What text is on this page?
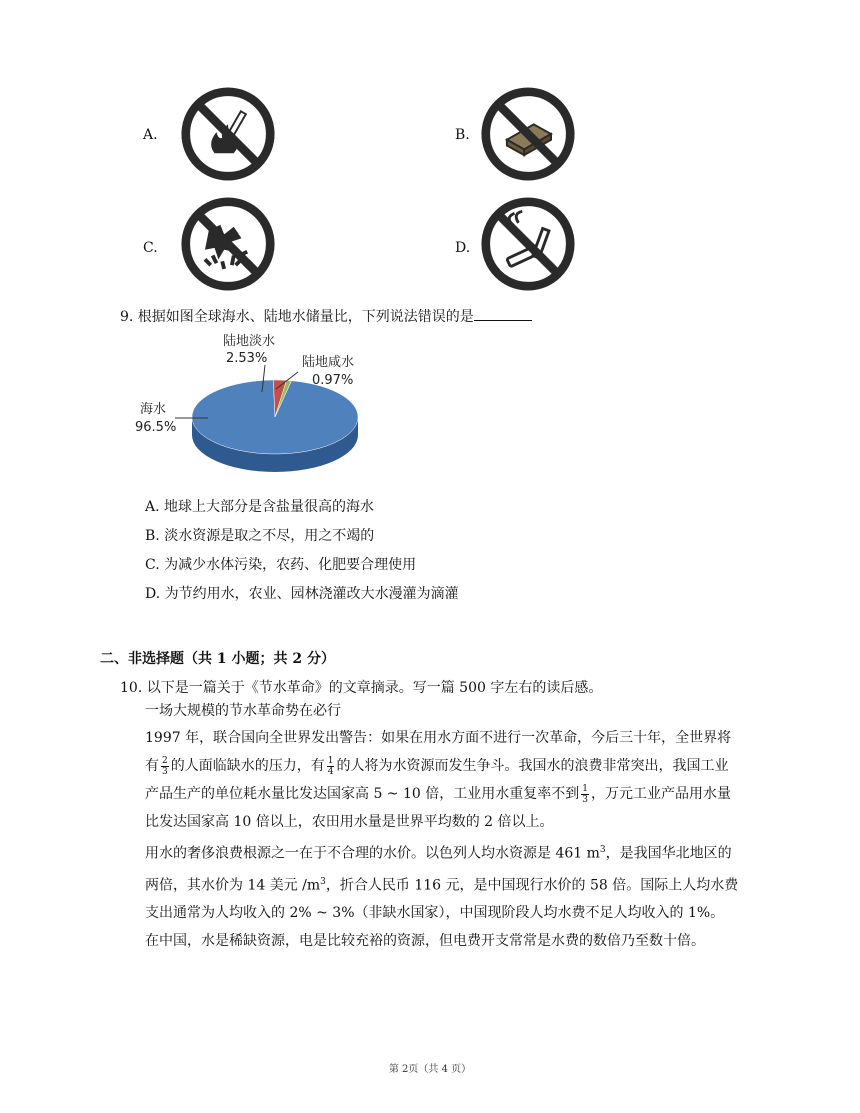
A.	B.
C.	D.
9. 根据如图全球海水、陆地水储量比，下列说法错误的是
海水
96.5%
陆地淡水
2.53%	陆地咸水
0.97%
A. 地球上大部分是含盐量很高的海水
B. 淡水资源是取之不尽，用之不竭的
C. 为减少水体污染，农药、化肥要合理使用
D. 为节约用水，农业、园林浇灌改大水漫灌为滴灌
二、非选择题（共 1 小题；共 2 分）
10. 以下是一篇关于《节水革命》的文章摘录。写一篇 500 字左右的读后感。
一场大规模的节水革命势在必行
1997 年，联合国向全世界发出警告：如果在用水方面不进行一次革命，今后三十年，全世界将
有 $\frac{2}{3}$ 的人面临缺水的压力，有 $\frac{1}{4}$ 的人将为水资源而发生争斗。我国水的浪费非常突出，我国工业
产品生产的单位耗水量比发达国家高 5 ~ 10 倍，工业用水重复率不到 $\frac{1}{3}$ ，万元工业产品用水量
比发达国家高 10 倍以上，农田用水量是世界平均数的 2 倍以上。
用水的奢侈浪费根源之一在于不合理的水价。以色列人均水资源是 461 $m^3$，是我国华北地区的
两倍，其水价为 14 美元 $/m^3$，折合人民币 116 元，是中国现行水价的 58 倍。国际上人均水费
支出通常为人均收入的 2% ~ 3%（非缺水国家），中国现阶段人均水费不足人均收入的 1%。
在中国，水是稀缺资源，电是比较充裕的资源，但电费开支常常是水费的数倍乃至数十倍。
第 2页（共 4 页）
